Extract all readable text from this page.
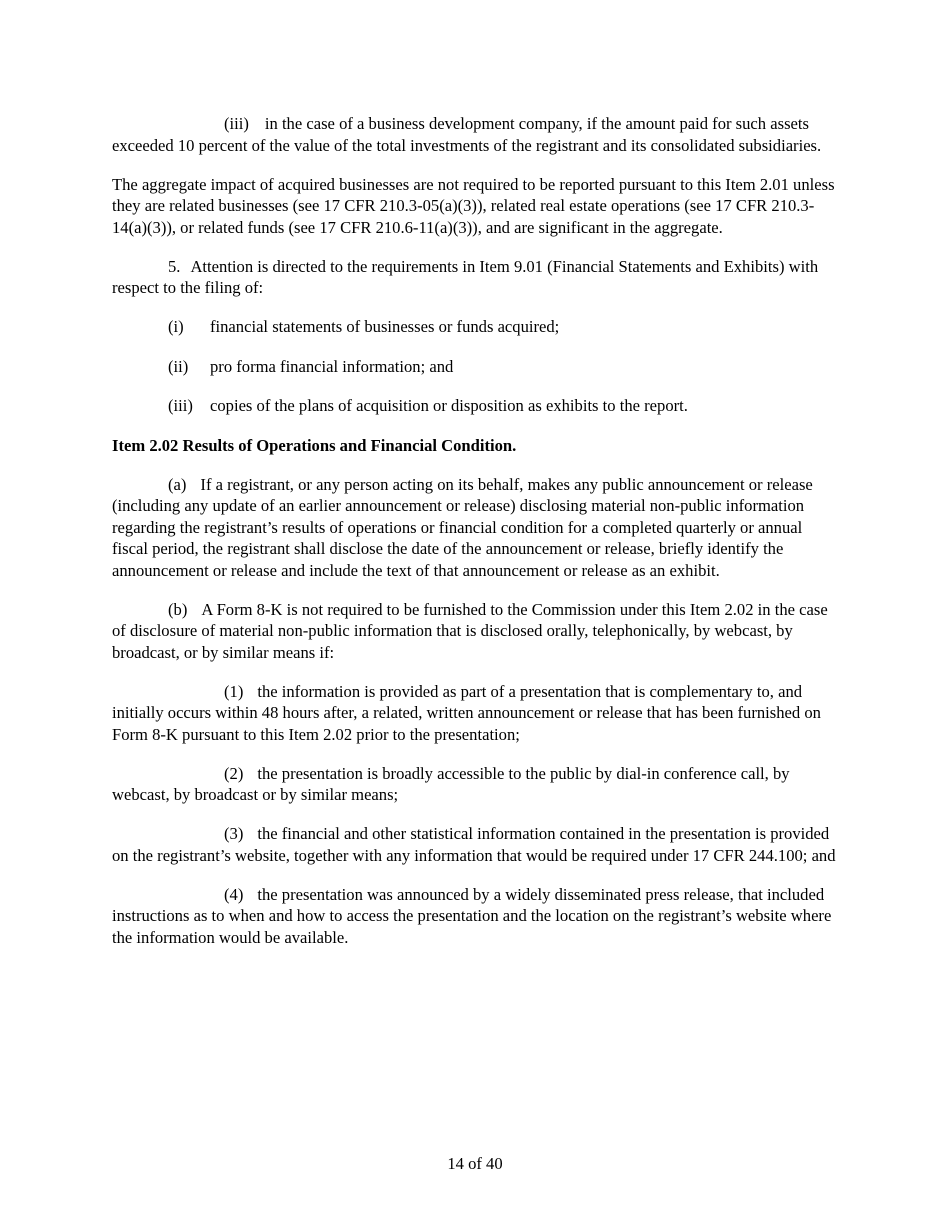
(iii) in the case of a business development company, if the amount paid for such assets exceeded 10 percent of the value of the total investments of the registrant and its consolidated subsidiaries.

The aggregate impact of acquired businesses are not required to be reported pursuant to this Item 2.01 unless they are related businesses (see 17 CFR 210.3-05(a)(3)), related real estate operations (see 17 CFR 210.3-14(a)(3)), or related funds (see 17 CFR 210.6-11(a)(3)), and are significant in the aggregate.

5. Attention is directed to the requirements in Item 9.01 (Financial Statements and Exhibits) with respect to the filing of:

(i)	financial statements of businesses or funds acquired;
(ii)	pro forma financial information; and
(iii)	copies of the plans of acquisition or disposition as exhibits to the report.

Item 2.02 Results of Operations and Financial Condition.

(a) If a registrant, or any person acting on its behalf, makes any public announcement or release (including any update of an earlier announcement or release) disclosing material non-public information regarding the registrant’s results of operations or financial condition for a completed quarterly or annual fiscal period, the registrant shall disclose the date of the announcement or release, briefly identify the announcement or release and include the text of that announcement or release as an exhibit.

(b) A Form 8-K is not required to be furnished to the Commission under this Item 2.02 in the case of disclosure of material non-public information that is disclosed orally, telephonically, by webcast, by broadcast, or by similar means if:

(1) the information is provided as part of a presentation that is complementary to, and initially occurs within 48 hours after, a related, written announcement or release that has been furnished on Form 8-K pursuant to this Item 2.02 prior to the presentation;

(2) the presentation is broadly accessible to the public by dial-in conference call, by webcast, by broadcast or by similar means;

(3) the financial and other statistical information contained in the presentation is provided on the registrant’s website, together with any information that would be required under 17 CFR 244.100; and

(4) the presentation was announced by a widely disseminated press release, that included instructions as to when and how to access the presentation and the location on the registrant’s website where the information would be available.

14 of 40
